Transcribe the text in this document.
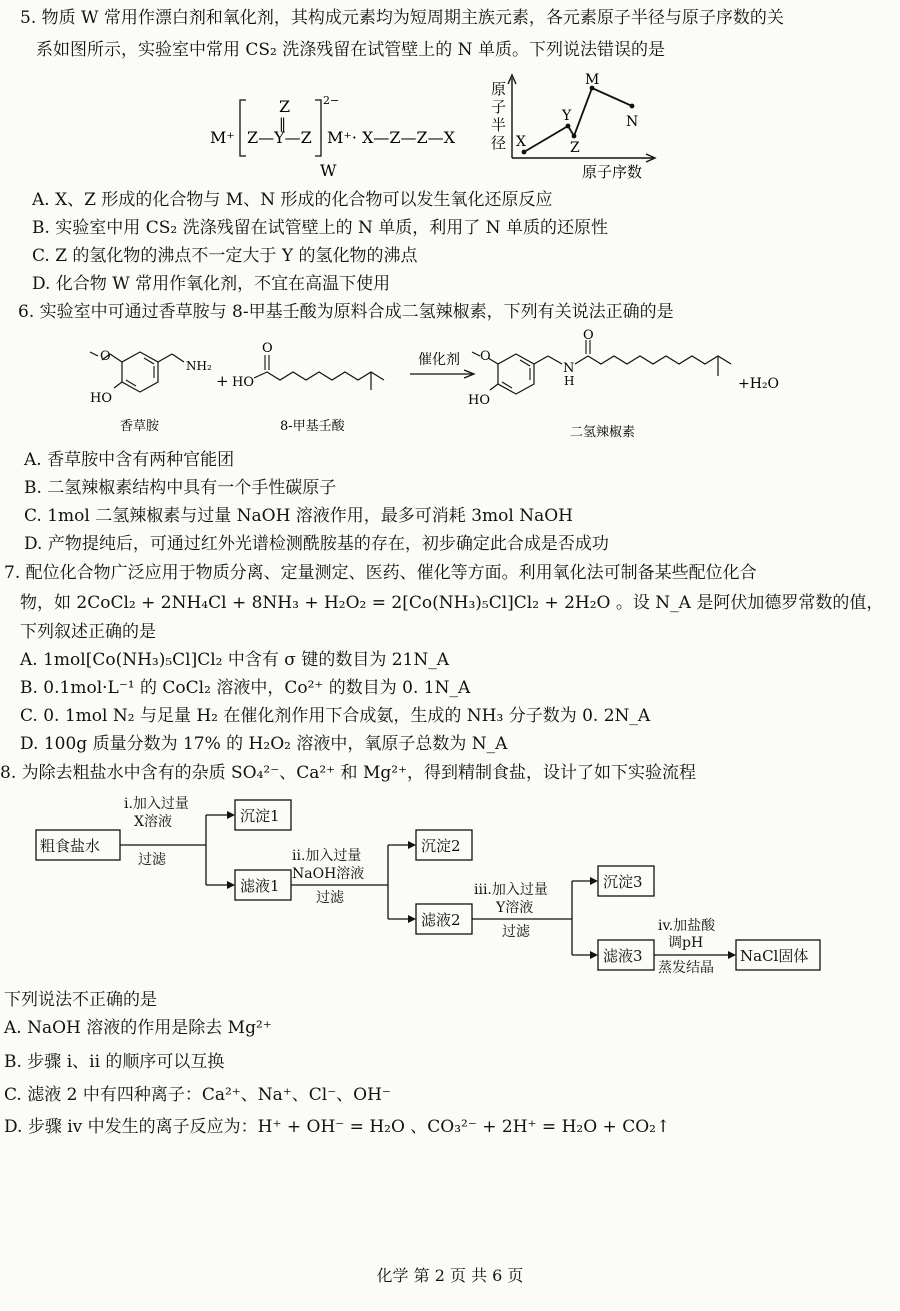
5. 物质 W 常用作漂白剂和氧化剂，其构成元素均为短周期主族元素，各元素原子半径与原子序数的关
系如图所示，实验室中常用 CS₂ 洗涤残留在试管壁上的 N 单质。下列说法错误的是
M⁺ Z—Y—Z
Z
‖
2−
M⁺· X—Z—Z—X
W
原
子
半
径 X
Y
Z
M
N
原子序数
A. X、Z 形成的化合物与 M、N 形成的化合物可以发生氧化还原反应
B. 实验室中用 CS₂ 洗涤残留在试管壁上的 N 单质，利用了 N 单质的还原性
C. Z 的氢化物的沸点不一定大于 Y 的氢化物的沸点
D. 化合物 W 常用作氧化剂，不宜在高温下使用
6. 实验室中可通过香草胺与 8-甲基壬酸为原料合成二氢辣椒素，下列有关说法正确的是
O
HO
NH₂
+ HO
O
催化剂 O
HO
N
H
O
+H₂O
香草胺	8-甲基壬酸	二氢辣椒素
A. 香草胺中含有两种官能团
B. 二氢辣椒素结构中具有一个手性碳原子
C. 1mol 二氢辣椒素与过量 NaOH 溶液作用，最多可消耗 3mol NaOH
D. 产物提纯后，可通过红外光谱检测酰胺基的存在，初步确定此合成是否成功
7. 配位化合物广泛应用于物质分离、定量测定、医药、催化等方面。利用氧化法可制备某些配位化合
物，如 2CoCl₂ + 2NH₄Cl + 8NH₃ + H₂O₂ = 2[Co(NH₃)₅Cl]Cl₂ + 2H₂O 。设 N_A 是阿伏加德罗常数的值，
下列叙述正确的是
A. 1mol[Co(NH₃)₅Cl]Cl₂ 中含有 σ 键的数目为 21N_A
B. 0.1mol·L⁻¹ 的 CoCl₂ 溶液中，Co²⁺ 的数目为 0. 1N_A
C. 0. 1mol N₂ 与足量 H₂ 在催化剂作用下合成氨，生成的 NH₃ 分子数为 0. 2N_A
D. 100g 质量分数为 17% 的 H₂O₂ 溶液中，氧原子总数为 N_A
8. 为除去粗盐水中含有的杂质 SO₄²⁻、Ca²⁺ 和 Mg²⁺，得到精制食盐，设计了如下实验流程
粗食盐水
沉淀1
滤液1
沉淀2
滤液2
沉淀3
滤液3	NaCl固体
i.加入过量
X溶液
过滤	ii.加入过量
NaOH溶液
过滤	iii.加入过量
Y溶液
过滤	iv.加盐酸
调pH
蒸发结晶
下列说法不正确的是
A. NaOH 溶液的作用是除去 Mg²⁺
B. 步骤 i、ii 的顺序可以互换
C. 滤液 2 中有四种离子：Ca²⁺、Na⁺、Cl⁻、OH⁻
D. 步骤 iv 中发生的离子反应为：H⁺ + OH⁻ = H₂O 、CO₃²⁻ + 2H⁺ = H₂O + CO₂↑
化学 第 2 页 共 6 页
